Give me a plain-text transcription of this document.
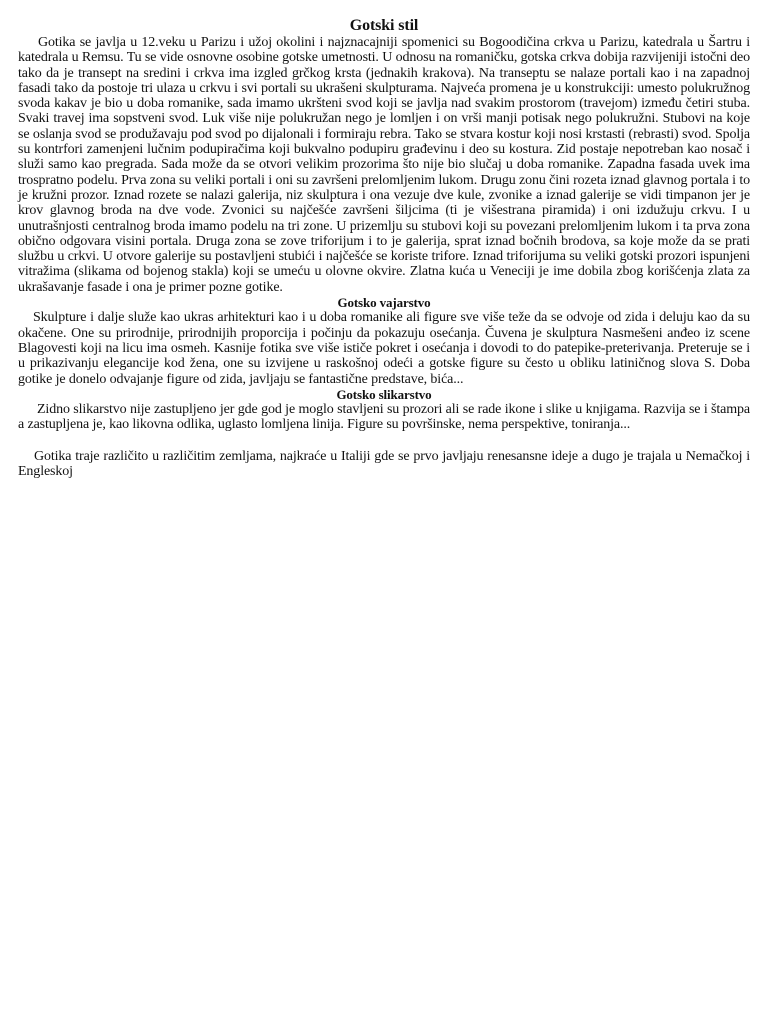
Gotski stil

Gotika se javlja u 12.veku u Parizu i užoj okolini i najznacajniji spomenici su Bogoodičina crkva u Parizu, katedrala u Šartru i katedrala u Remsu. Tu se vide osnovne osobine gotske umetnosti. U odnosu na romaničku, gotska crkva dobija razvijeniji istočni deo tako da je transept na sredini i crkva ima izgled grčkog krsta (jednakih krakova). Na transeptu se nalaze portali kao i na zapadnoj fasadi tako da postoje tri ulaza u crkvu i svi portali su ukrašeni skulpturama. Najveća promena je u konstrukciji: umesto polukružnog svoda kakav je bio u doba romanike, sada imamo ukršteni svod koji se javlja nad svakim prostorom (travejom) između četiri stuba. Svaki travej ima sopstveni svod. Luk više nije polukružan nego je lomljen i on vrši manji potisak nego polukružni. Stubovi na koje se oslanja svod se produžavaju pod svod po dijalonali i formiraju rebra. Tako se stvara kostur koji nosi krstasti (rebrasti) svod. Spolja su kontrfori zamenjeni lučnim podupiračima koji bukvalno podupiru građevinu i deo su kostura. Zid postaje nepotreban kao nosač i služi samo kao pregrada. Sada može da se otvori velikim prozorima što nije bio slučaj u doba romanike. Zapadna fasada uvek ima trospratno podelu. Prva zona su veliki portali i oni su završeni prelomljenim lukom. Drugu zonu čini rozeta iznad glavnog portala i to je kružni prozor. Iznad rozete se nalazi galerija, niz skulptura i ona vezuje dve kule, zvonike a iznad galerije se vidi timpanon jer je krov glavnog broda na dve vode. Zvonici su najčešće završeni šiljcima (ti je višestrana piramida) i oni izdužuju crkvu. I u unutrašnjosti centralnog broda imamo podelu na tri zone. U prizemlju su stubovi koji su povezani prelomljenim lukom i ta prva zona obično odgovara visini portala. Druga zona se zove triforijum i to je galerija, sprat iznad bočnih brodova, sa koje može da se prati službu u crkvi. U otvore galerije su postavljeni stubići i najčešće se koriste trifore. Iznad triforijuma su veliki gotski prozori ispunjeni vitražima (slikama od bojenog stakla) koji se umeću u olovne okvire. Zlatna kuća u Veneciji je ime dobila zbog korišćenja zlata za ukrašavanje fasade i ona je primer pozne gotike.

Gotsko vajarstvo

Skulpture i dalje služe kao ukras arhitekturi kao i u doba romanike ali figure sve više teže da se odvoje od zida i deluju kao da su okačene. One su prirodnije, prirodnijih proporcija i počinju da pokazuju osećanja. Čuvena je skulptura Nasmešeni anđeo iz scene Blagovesti koji na licu ima osmeh. Kasnije fotika sve više ističe pokret i osećanja i dovodi to do patepike-preterivanja. Preteruje se i u prikazivanju elegancije kod žena, one su izvijene u raskošnoj odeći a gotske figure su često u obliku latiničnog slova S. Doba gotike je donelo odvajanje figure od zida, javljaju se fantastične predstave, bića...

Gotsko slikarstvo

Zidno slikarstvo nije zastupljeno jer gde god je moglo stavljeni su prozori ali se rade ikone i slike u knjigama. Razvija se i štampa a zastupljena je, kao likovna odlika, uglasto lomljena linija. Figure su površinske, nema perspektive, toniranja...

Gotika traje različito u različitim zemljama, najkraće u Italiji gde se prvo javljaju renesansne ideje a dugo je trajala u Nemačkoj i Engleskoj
